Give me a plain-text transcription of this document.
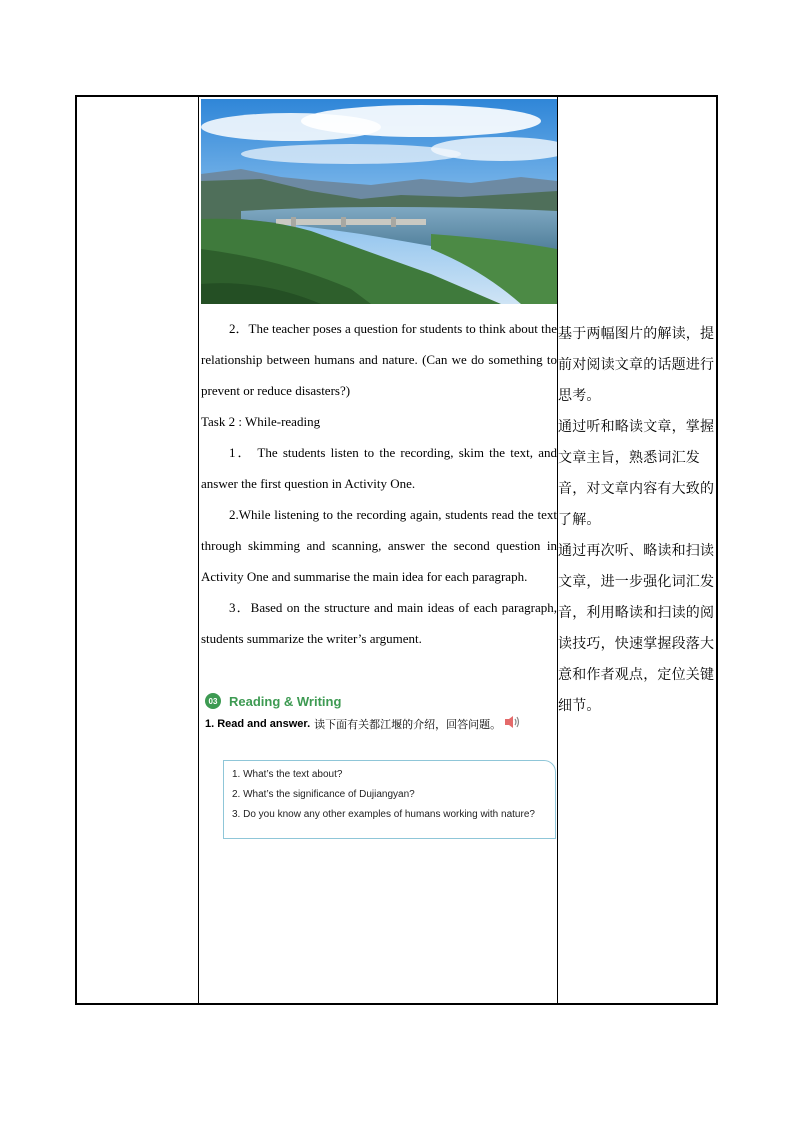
2．The teacher poses a question for students to think about the relationship between humans and nature. (Can we do something to prevent or reduce disasters?)

Task 2 : While-reading

1． The students listen to the recording, skim the text, and answer the first question in Activity One.

2.While listening to the recording again, students read the text through skimming and scanning, answer the second question in Activity One and summarise the main idea for each paragraph.

3．Based on the structure and main ideas of each paragraph, students summarize the writer’s argument.

基于两幅图片的解读，提前对阅读文章的话题进行思考。

通过听和略读文章，掌握文章主旨，熟悉词汇发音，对文章内容有大致的了解。

通过再次听、略读和扫读文章，进一步强化词汇发音，利用略读和扫读的阅读技巧，快速掌握段落大意和作者观点，定位关键细节。

03 Reading & Writing
1. Read and answer. 读下面有关都江堰的介绍，回答问题。
1. What’s the text about?
2. What’s the significance of Dujiangyan?
3. Do you know any other examples of humans working with nature?
